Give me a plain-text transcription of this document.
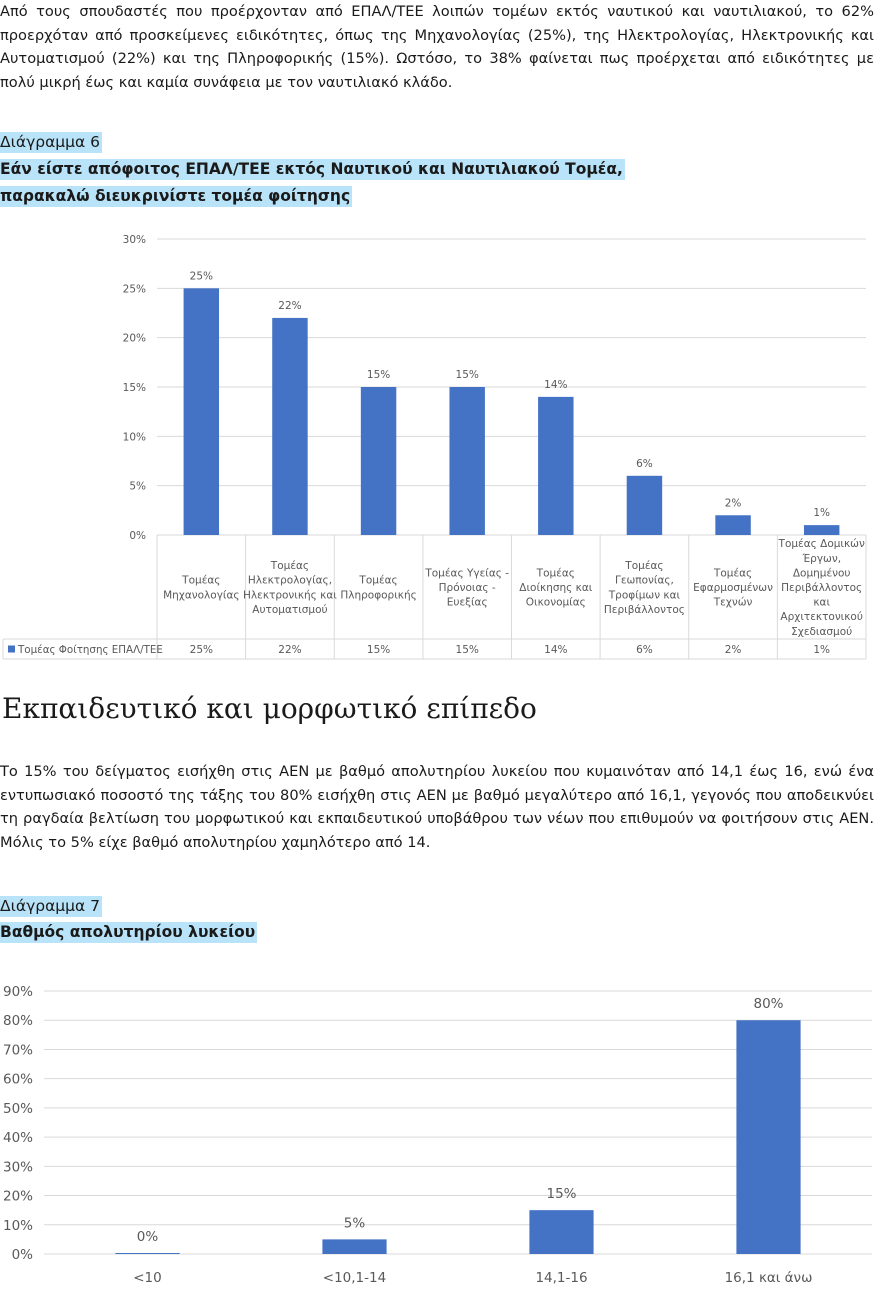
Από τους σπουδαστές που προέρχονταν από ΕΠΑΛ/ΤΕΕ λοιπών τομέων εκτός ναυτικού και ναυτιλιακού, το 62% προερχόταν από προσκείμενες ειδικότητες, όπως της Μηχανολογίας (25%), της Ηλεκτρολογίας, Ηλεκτρονικής και Αυτοματισμού (22%) και της Πληροφορικής (15%). Ωστόσο, το 38% φαίνεται πως προέρχεται από ειδικότητες με πολύ μικρή έως και καμία συνάφεια με τον ναυτιλιακό κλάδο.

Διάγραμμα 6
Εάν είστε απόφοιτος ΕΠΑΛ/ΤΕΕ εκτός Ναυτικού και Ναυτιλιακού Τομέα,
παρακαλώ διευκρινίστε τομέα φοίτησης
0%
5%
10%
15%
20%
25%
30%
25%
22%
15%	15%
14%
6%
2%
1%
Τομέας Μηχανολογίας
25%
Τομέας Ηλεκτρολογίας, Ηλεκτρονικής και Αυτοματισμού
22%
Τομέας Πληροφορικής
15%
Τομέας Υγείας -Πρόνοιας -Ευεξίας
15%
Τομέας Διοίκησης και Οικονομίας
14%
Τομέας Γεωπονίας, Τροφίμων και Περιβάλλοντος
6%
Τομέας Εφαρμοσμένων Τεχνών
2%
Τομέας Δομικών Έργων, Δομημένου Περιβάλλοντος και Αρχιτεκτονικού Σχεδιασμού
1%
Τομέας Φοίτησης ΕΠΑΛ/ΤΕΕ
Εκπαιδευτικό και μορφωτικό επίπεδο

Το 15% του δείγματος εισήχθη στις ΑΕΝ με βαθμό απολυτηρίου λυκείου που κυμαινόταν από 14,1 έως 16, ενώ ένα εντυπωσιακό ποσοστό της τάξης του 80% εισήχθη στις ΑΕΝ με βαθμό μεγαλύτερο από 16,1, γεγονός που αποδεικνύει τη ραγδαία βελτίωση του μορφωτικού και εκπαιδευτικού υποβάθρου των νέων που επιθυμούν να φοιτήσουν στις ΑΕΝ. Μόλις το 5% είχε βαθμό απολυτηρίου χαμηλότερο από 14.

Διάγραμμα 7
Βαθμός απολυτηρίου λυκείου
0%
10%
20%
30%
40%
50%
60%
70%
80%
90%
0%
<10
5%
<10,1-14
15%
14,1-16
80%
16,1 και άνω
